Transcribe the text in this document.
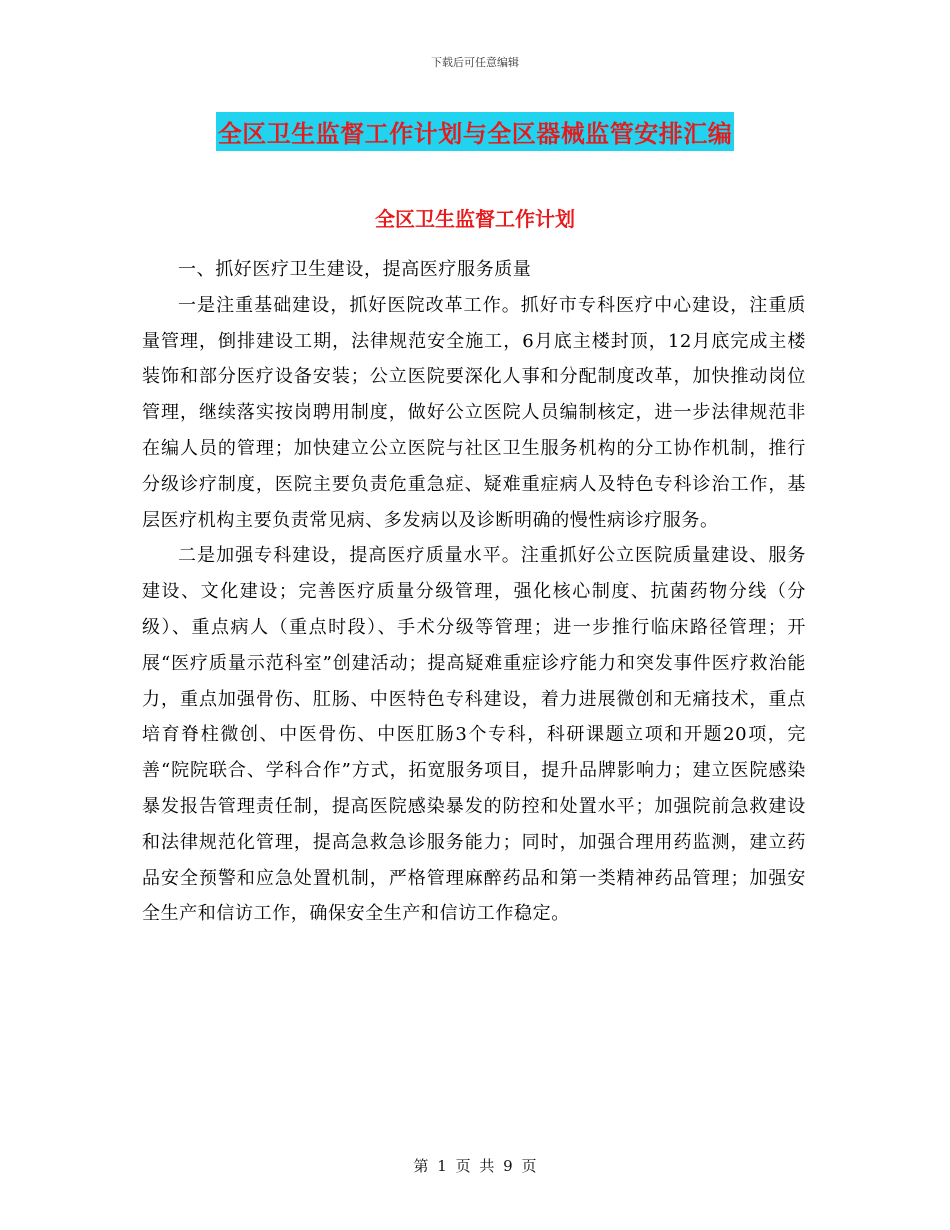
下载后可任意编辑
全区卫生监督工作计划与全区器械监管安排汇编
全区卫生监督工作计划

一、抓好医疗卫生建设，提高医疗服务质量

一是注重基础建设，抓好医院改革工作。抓好市专科医疗中心建设，注重质量管理，倒排建设工期，法律规范安全施工，6月底主楼封顶，12月底完成主楼装饰和部分医疗设备安装；公立医院要深化人事和分配制度改革，加快推动岗位管理，继续落实按岗聘用制度，做好公立医院人员编制核定，进一步法律规范非在编人员的管理；加快建立公立医院与社区卫生服务机构的分工协作机制，推行分级诊疗制度，医院主要负责危重急症、疑难重症病人及特色专科诊治工作，基层医疗机构主要负责常见病、多发病以及诊断明确的慢性病诊疗服务。

二是加强专科建设，提高医疗质量水平。注重抓好公立医院质量建设、服务建设、文化建设；完善医疗质量分级管理，强化核心制度、抗菌药物分线（分级）、重点病人（重点时段）、手术分级等管理；进一步推行临床路径管理；开展“医疗质量示范科室”创建活动；提高疑难重症诊疗能力和突发事件医疗救治能力，重点加强骨伤、肛肠、中医特色专科建设，着力进展微创和无痛技术，重点培育脊柱微创、中医骨伤、中医肛肠3个专科，科研课题立项和开题20项，完善“院院联合、学科合作”方式，拓宽服务项目，提升品牌影响力；建立医院感染暴发报告管理责任制，提高医院感染暴发的防控和处置水平；加强院前急救建设和法律规范化管理，提高急救急诊服务能力；同时，加强合理用药监测，建立药品安全预警和应急处置机制，严格管理麻醉药品和第一类精神药品管理；加强安全生产和信访工作，确保安全生产和信访工作稳定。

第 1 页 共 9 页
